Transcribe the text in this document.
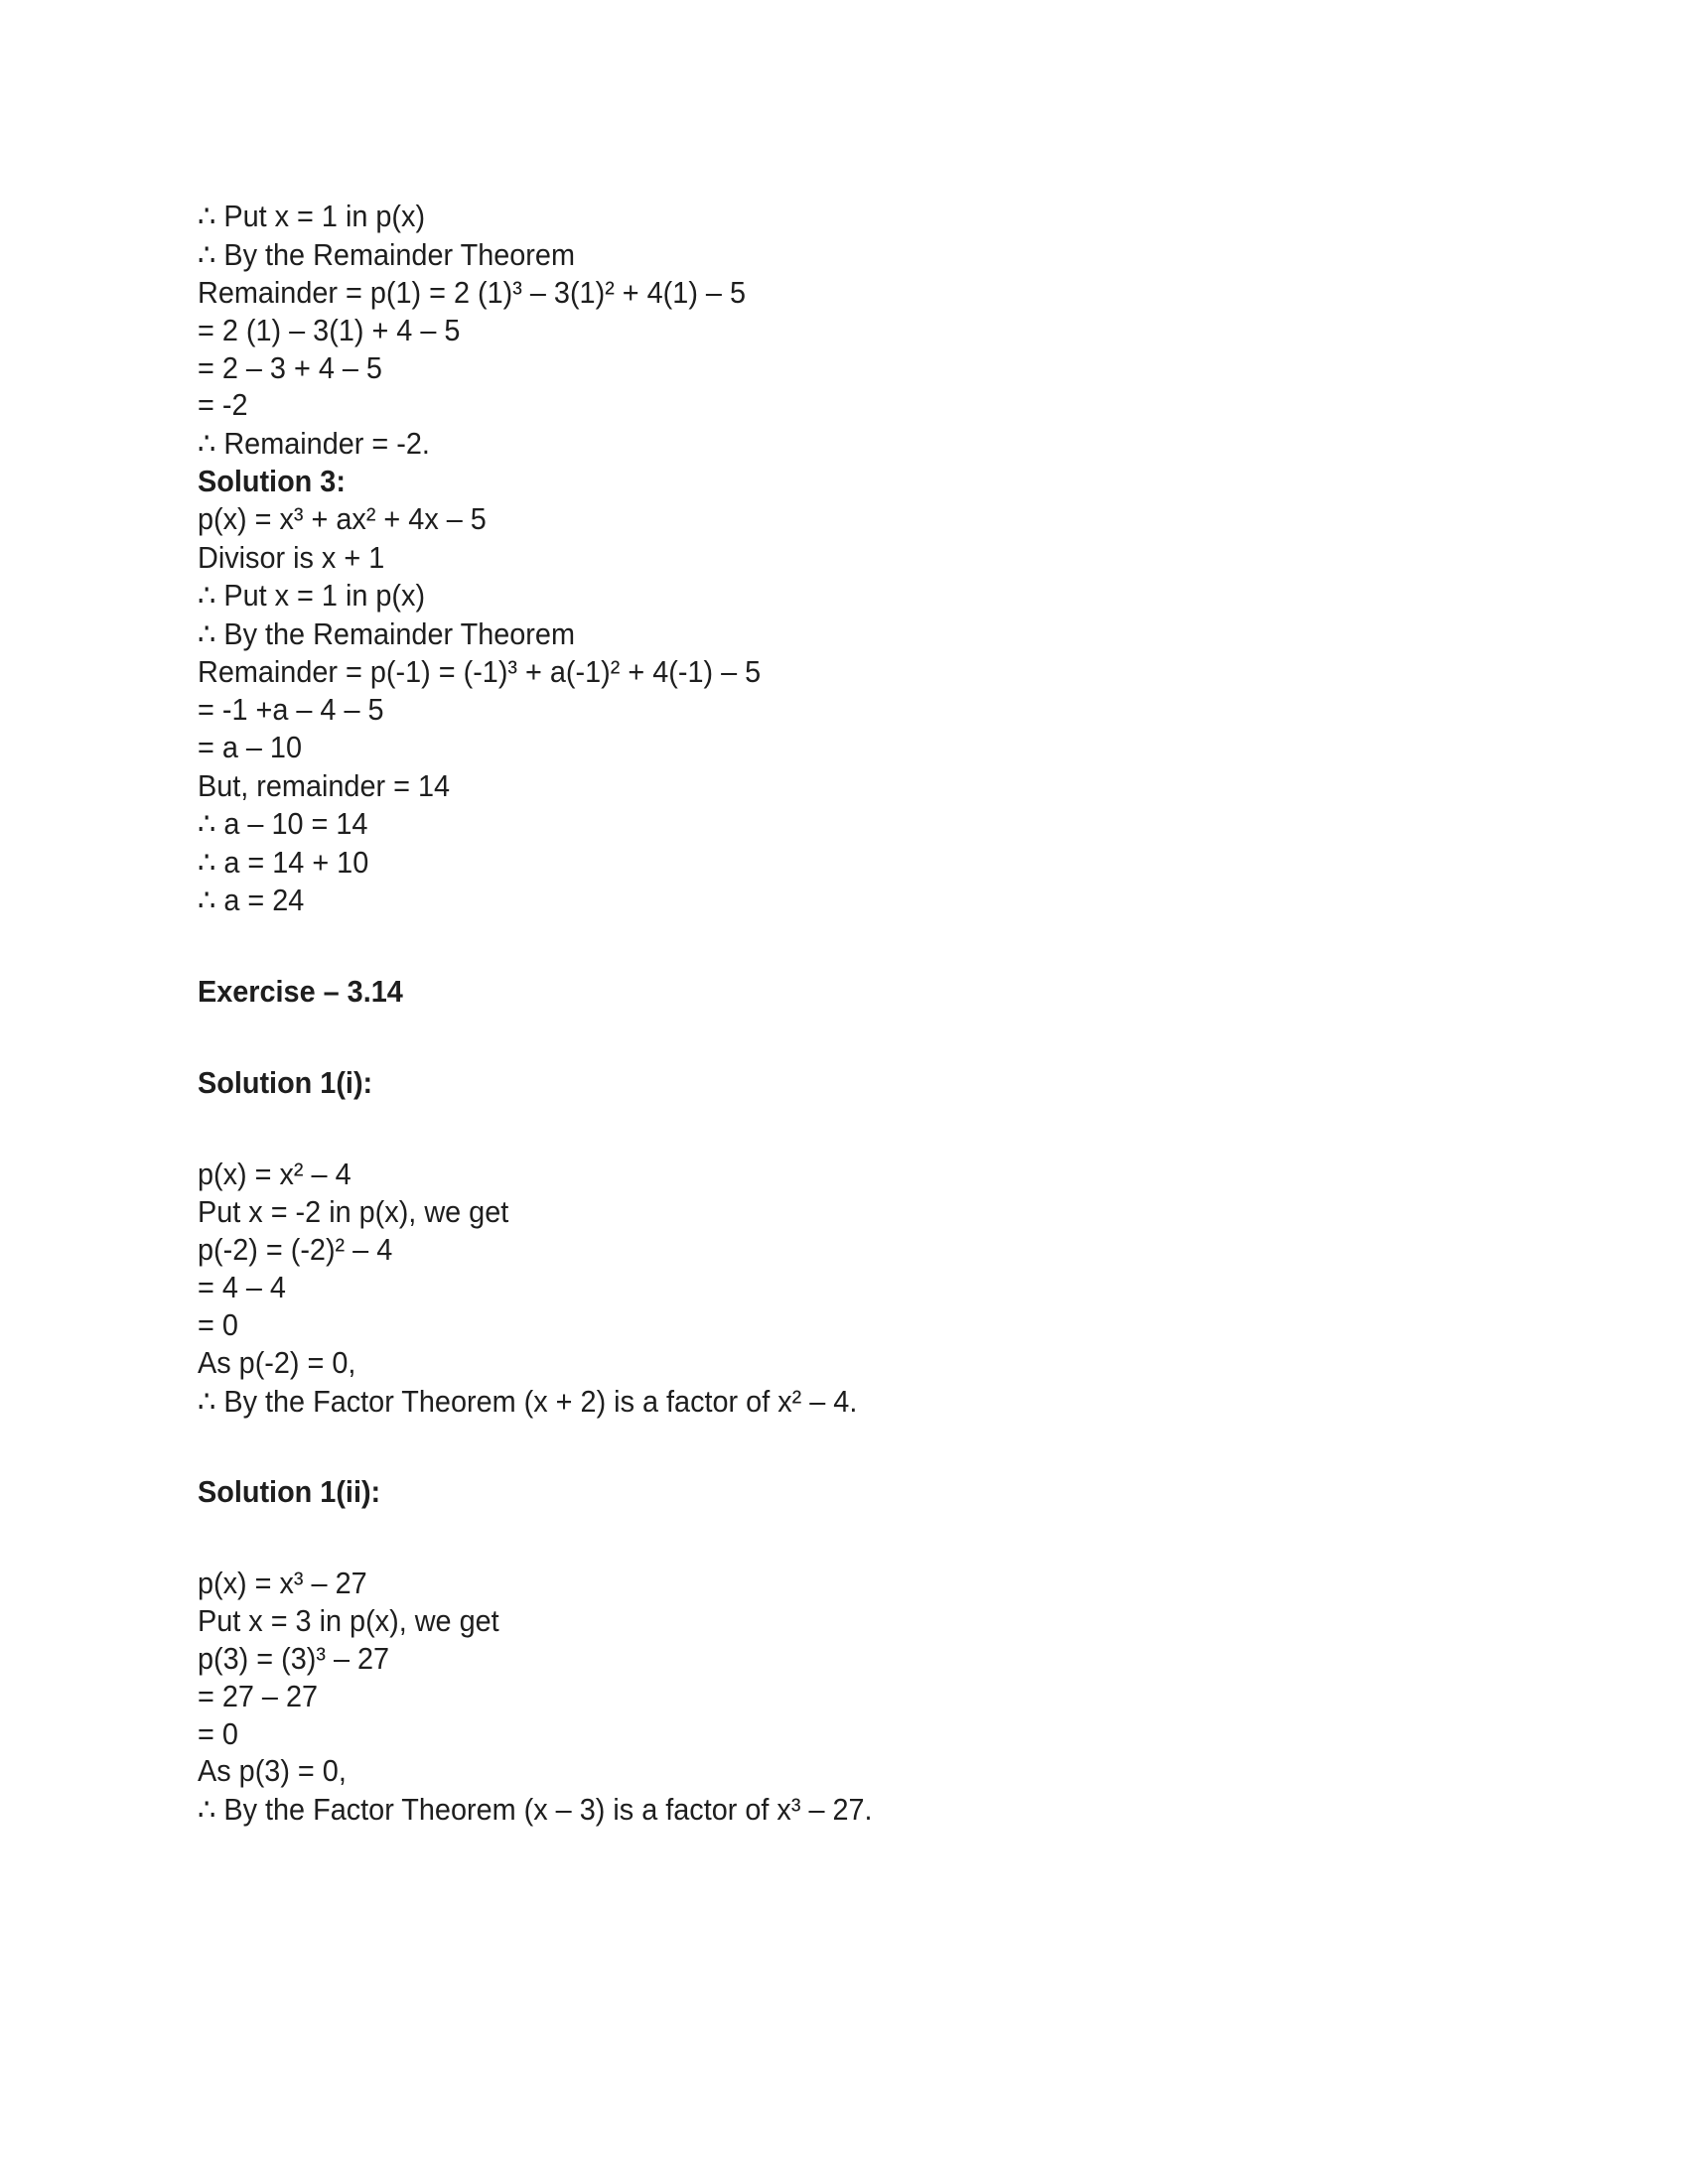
∴ Put x = 1 in p(x)
∴ By the Remainder Theorem
Remainder = p(1) = 2 (1)³ – 3(1)² + 4(1) – 5
= 2 (1) – 3(1) + 4 – 5
= 2 – 3 + 4 – 5
= -2
∴ Remainder = -2.
Solution 3:
p(x) = x³ + ax² + 4x – 5
Divisor is x + 1
∴ Put x = 1 in p(x)
∴ By the Remainder Theorem
Remainder = p(-1) = (-1)³ + a(-1)² + 4(-1) – 5
= -1 +a – 4 – 5
= a – 10
But, remainder = 14
∴ a – 10 = 14
∴ a = 14 + 10
∴ a = 24
Exercise – 3.14
Solution 1(i):
p(x) = x² – 4
Put x = -2 in p(x), we get
p(-2) = (-2)² – 4
= 4 – 4
= 0
As p(-2) = 0,
∴ By the Factor Theorem (x + 2) is a factor of x² – 4.
Solution 1(ii):
p(x) = x³ – 27
Put x = 3 in p(x), we get
p(3) = (3)³ – 27
= 27 – 27
= 0
As p(3) = 0,
∴ By the Factor Theorem (x – 3) is a factor of x³ – 27.
